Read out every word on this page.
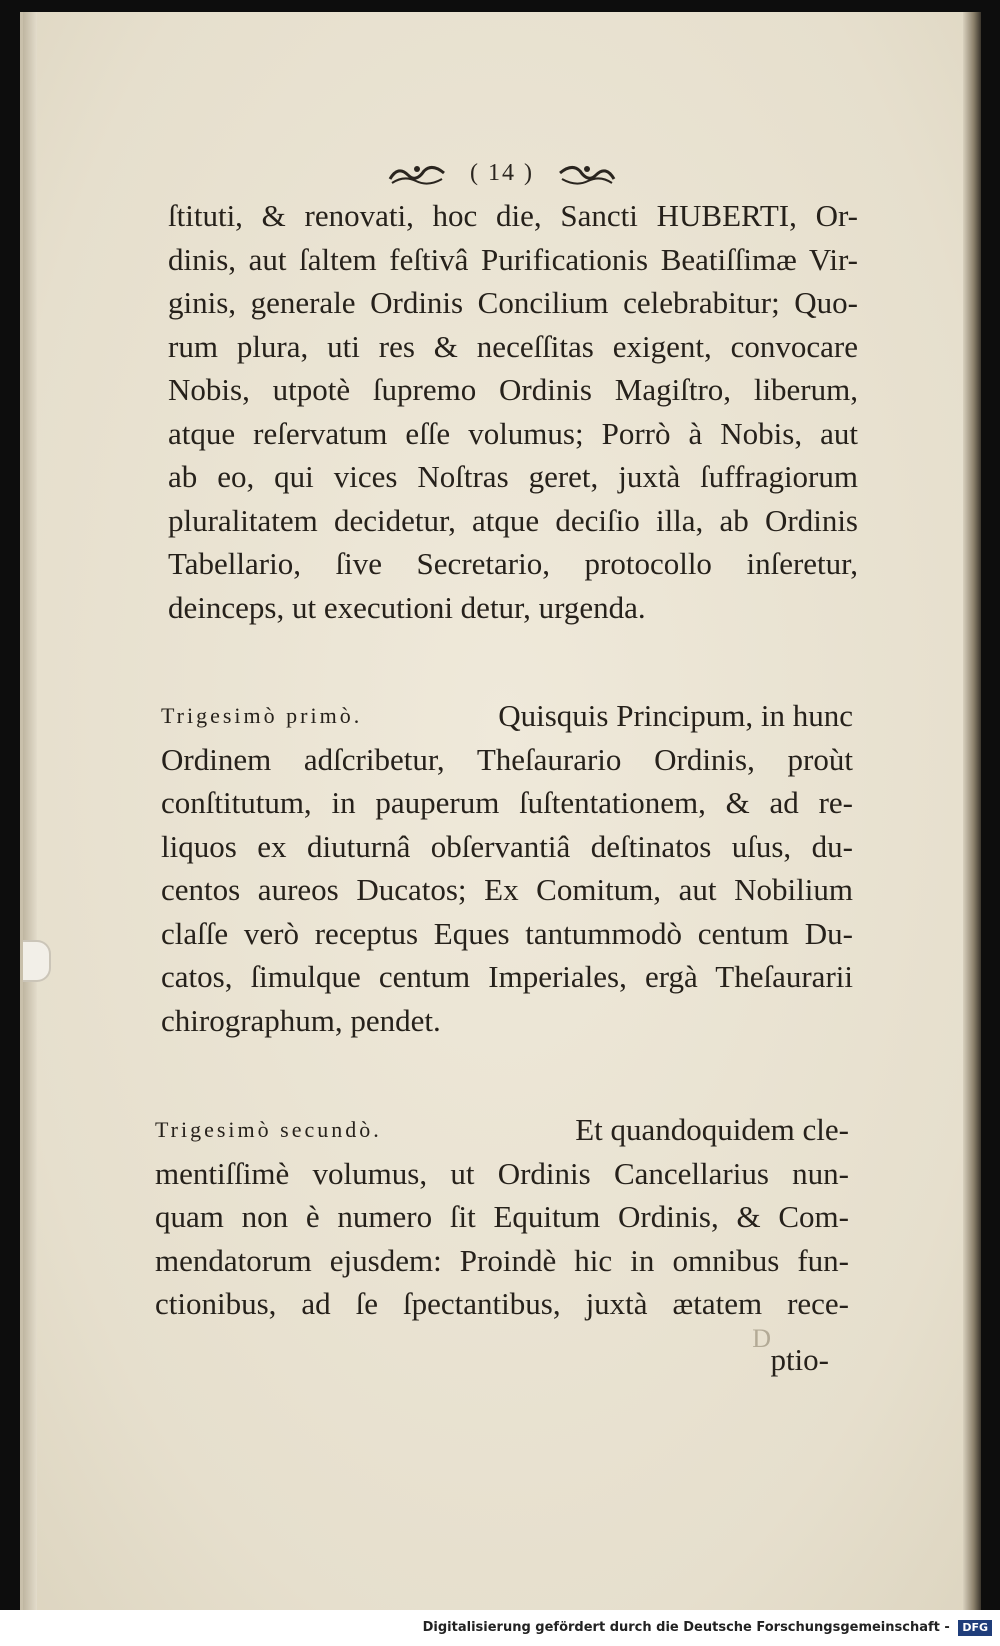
( 14 )
ſtituti, & renovati, hoc die, Sancti HUBERTI, Or-
dinis, aut ſaltem feſtivâ Purificationis Beatiſſimæ Vir-
ginis, generale Ordinis Concilium celebrabitur; Quo-
rum plura, uti res & neceſſitas exigent, convocare
Nobis, utpotè ſupremo Ordinis Magiſtro, liberum,
atque reſervatum eſſe volumus; Porrò à Nobis, aut
ab eo, qui vices Noſtras geret, juxtà ſuffragiorum
pluralitatem decidetur, atque deciſio illa, ab Ordinis
Tabellario, ſive Secretario, protocollo inſeretur,
deinceps, ut executioni detur, urgenda.
Trigesimò primò.	Quisquis Principum, in hunc
Ordinem adſcribetur, Theſaurario Ordinis, proùt
conſtitutum, in pauperum ſuſtentationem, & ad re-
liquos ex diuturnâ obſervantiâ deſtinatos uſus, du-
centos aureos Ducatos; Ex Comitum, aut Nobilium
claſſe verò receptus Eques tantummodò centum Du-
catos, ſimulque centum Imperiales, ergà Theſaurarii
chirographum, pendet.
Trigesimò secundò.	Et quandoquidem cle-
mentiſſimè volumus, ut Ordinis Cancellarius nun-
quam non è numero ſit Equitum Ordinis, & Com-
mendatorum ejusdem: Proindè hic in omnibus fun-
ctionibus, ad ſe ſpectantibus, juxtà ætatem rece-
D
ptio-
Digitalisierung gefördert durch die Deutsche Forschungsgemeinschaft - DFG
